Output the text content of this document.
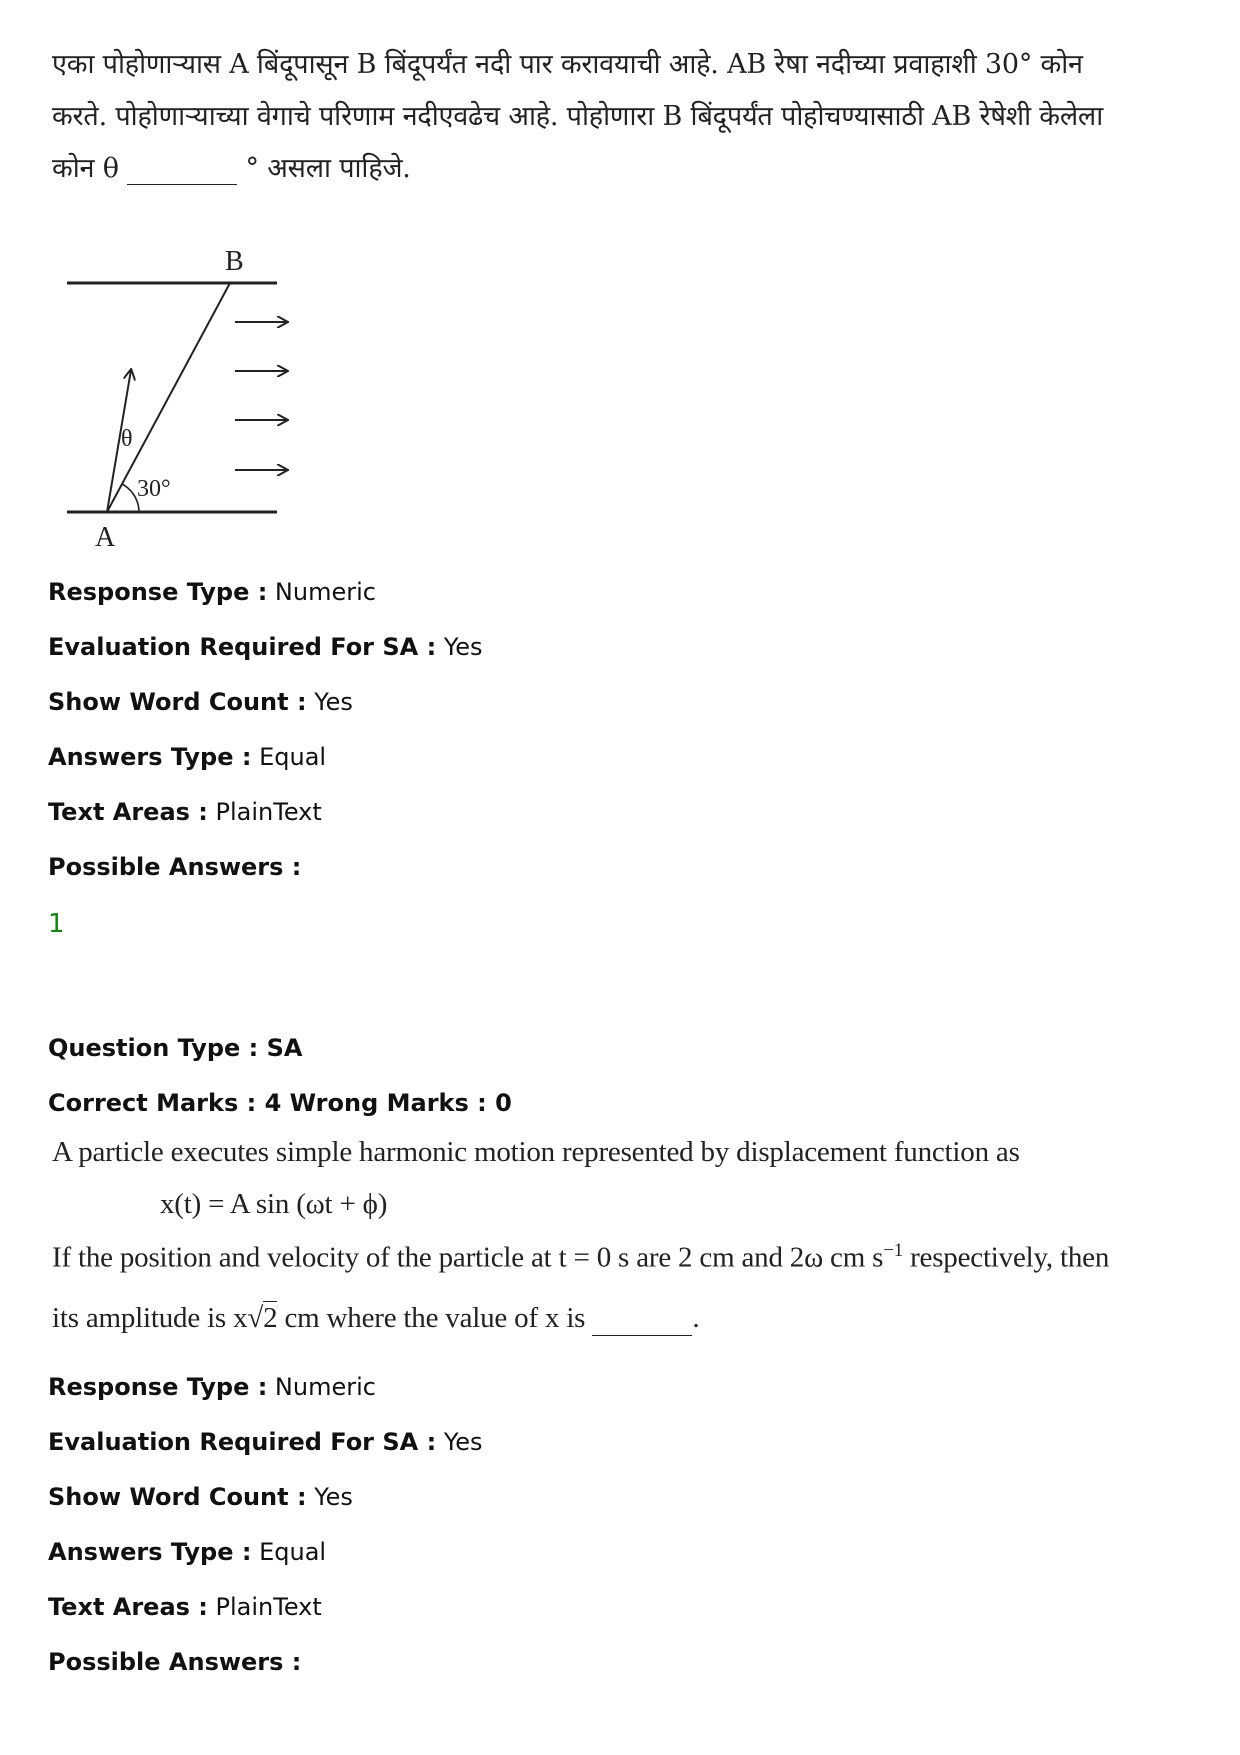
एका पोहोणाऱ्यास A बिंदूपासून B बिंदूपर्यंत नदी पार करावयाची आहे. AB रेषा नदीच्या प्रवाहाशी 30° कोन
करते. पोहोणाऱ्याच्या वेगाचे परिणाम नदीएवढेच आहे. पोहोणारा B बिंदूपर्यंत पोहोचण्यासाठी AB रेषेशी केलेला
कोन θ	° असला पाहिजे.
B
A
θ
30°
Response Type : Numeric
Evaluation Required For SA : Yes
Show Word Count : Yes
Answers Type : Equal
Text Areas : PlainText
Possible Answers :
1
Question Type : SA
Correct Marks : 4 Wrong Marks : 0
A particle executes simple harmonic motion represented by displacement function as
x(t) = A sin (ωt + ϕ)
If the position and velocity of the particle at t = 0 s are 2 cm and 2ω cm $s^{-1}$ respectively, then
its amplitude is x√2 cm where the value of x is	.
Response Type : Numeric
Evaluation Required For SA : Yes
Show Word Count : Yes
Answers Type : Equal
Text Areas : PlainText
Possible Answers :
